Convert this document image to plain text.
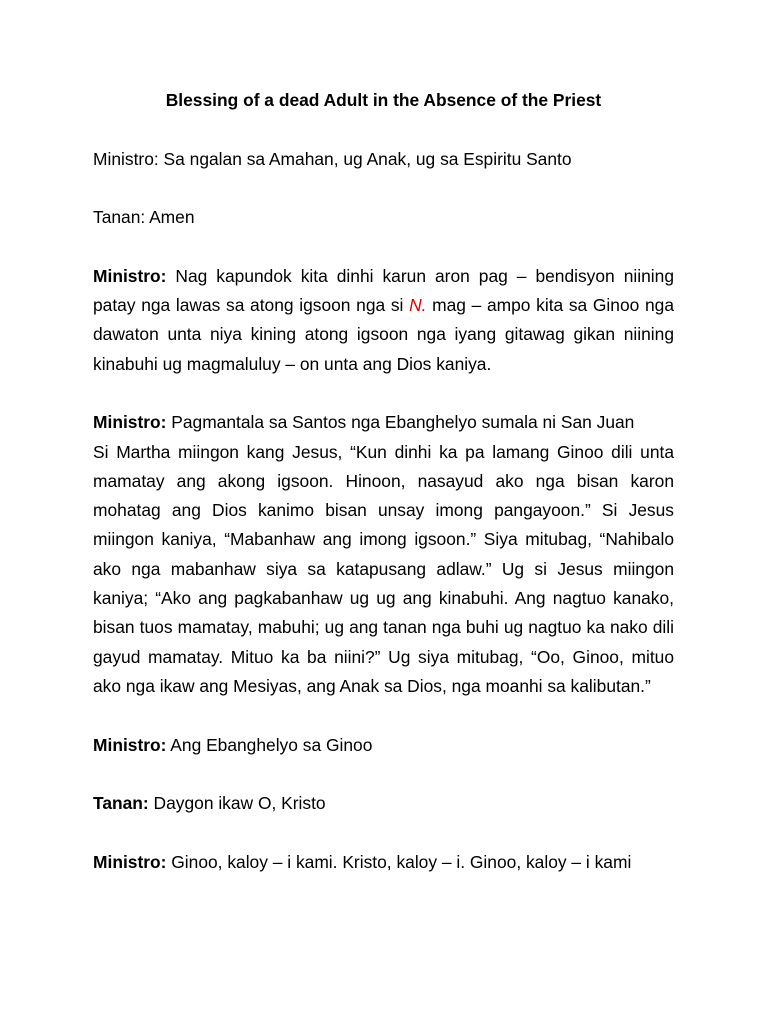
Blessing of a dead Adult in the Absence of the Priest

Ministro: Sa ngalan sa Amahan, ug Anak, ug sa Espiritu Santo

Tanan: Amen

Ministro: Nag kapundok kita dinhi karun aron pag – bendisyon niining patay nga lawas sa atong igsoon nga si N. mag – ampo kita sa Ginoo nga dawaton unta niya kining atong igsoon nga iyang gitawag gikan niining kinabuhi ug magmaluluy – on unta ang Dios kaniya.

Ministro: Pagmantala sa Santos nga Ebanghelyo sumala ni San Juan

Si Martha miingon kang Jesus, “Kun dinhi ka pa lamang Ginoo dili unta mamatay ang akong igsoon. Hinoon, nasayud ako nga bisan karon mohatag ang Dios kanimo bisan unsay imong pangayoon.” Si Jesus miingon kaniya, “Mabanhaw ang imong igsoon.” Siya mitubag, “Nahibalo ako nga mabanhaw siya sa katapusang adlaw.” Ug si Jesus miingon kaniya; “Ako ang pagkabanhaw ug ug ang kinabuhi. Ang nagtuo kanako, bisan tuos mamatay, mabuhi; ug ang tanan nga buhi ug nagtuo ka nako dili gayud mamatay. Mituo ka ba niini?” Ug siya mitubag, “Oo, Ginoo, mituo ako nga ikaw ang Mesiyas, ang Anak sa Dios, nga moanhi sa kalibutan.”

Ministro: Ang Ebanghelyo sa Ginoo

Tanan: Daygon ikaw O, Kristo

Ministro: Ginoo, kaloy – i kami. Kristo, kaloy – i. Ginoo, kaloy – i kami
